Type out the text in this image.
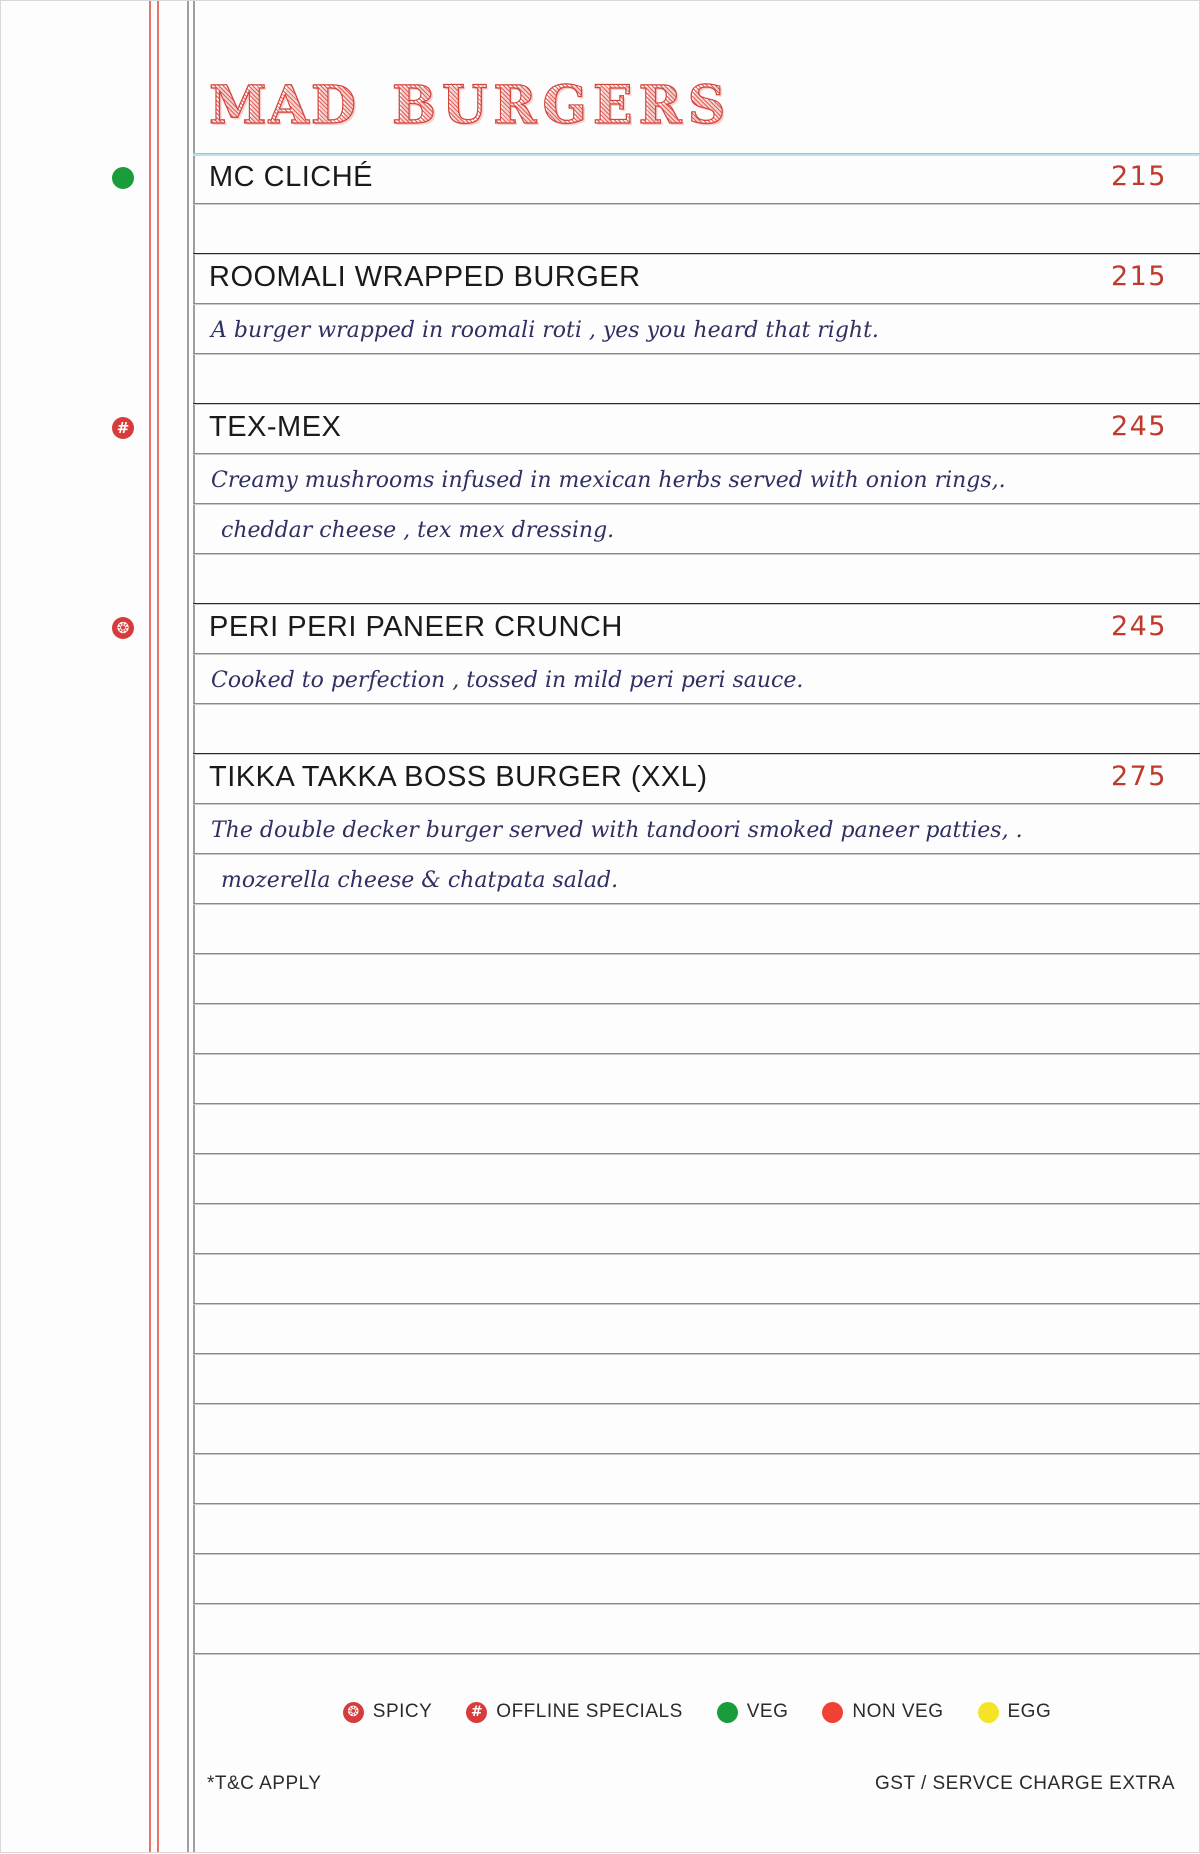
MAD BURGERS
MC CLICHÉ	215
ROOMALI WRAPPED BURGER	215
A burger wrapped in roomali roti , yes you heard that right.
TEX-MEX	245
Creamy mushrooms infused in mexican herbs served with onion rings,.
cheddar cheese , tex mex dressing.
PERI PERI PANEER CRUNCH	245
Cooked to perfection , tossed in mild peri peri sauce.
TIKKA TAKKA BOSS BURGER (XXL)	275
The double decker burger served with tandoori smoked paneer patties, .
mozerella cheese & chatpata salad.
❂ SPICY	# OFFLINE SPECIALS	VEG	NON VEG	EGG
*T&C APPLY	GST / SERVCE CHARGE EXTRA
#
❂
